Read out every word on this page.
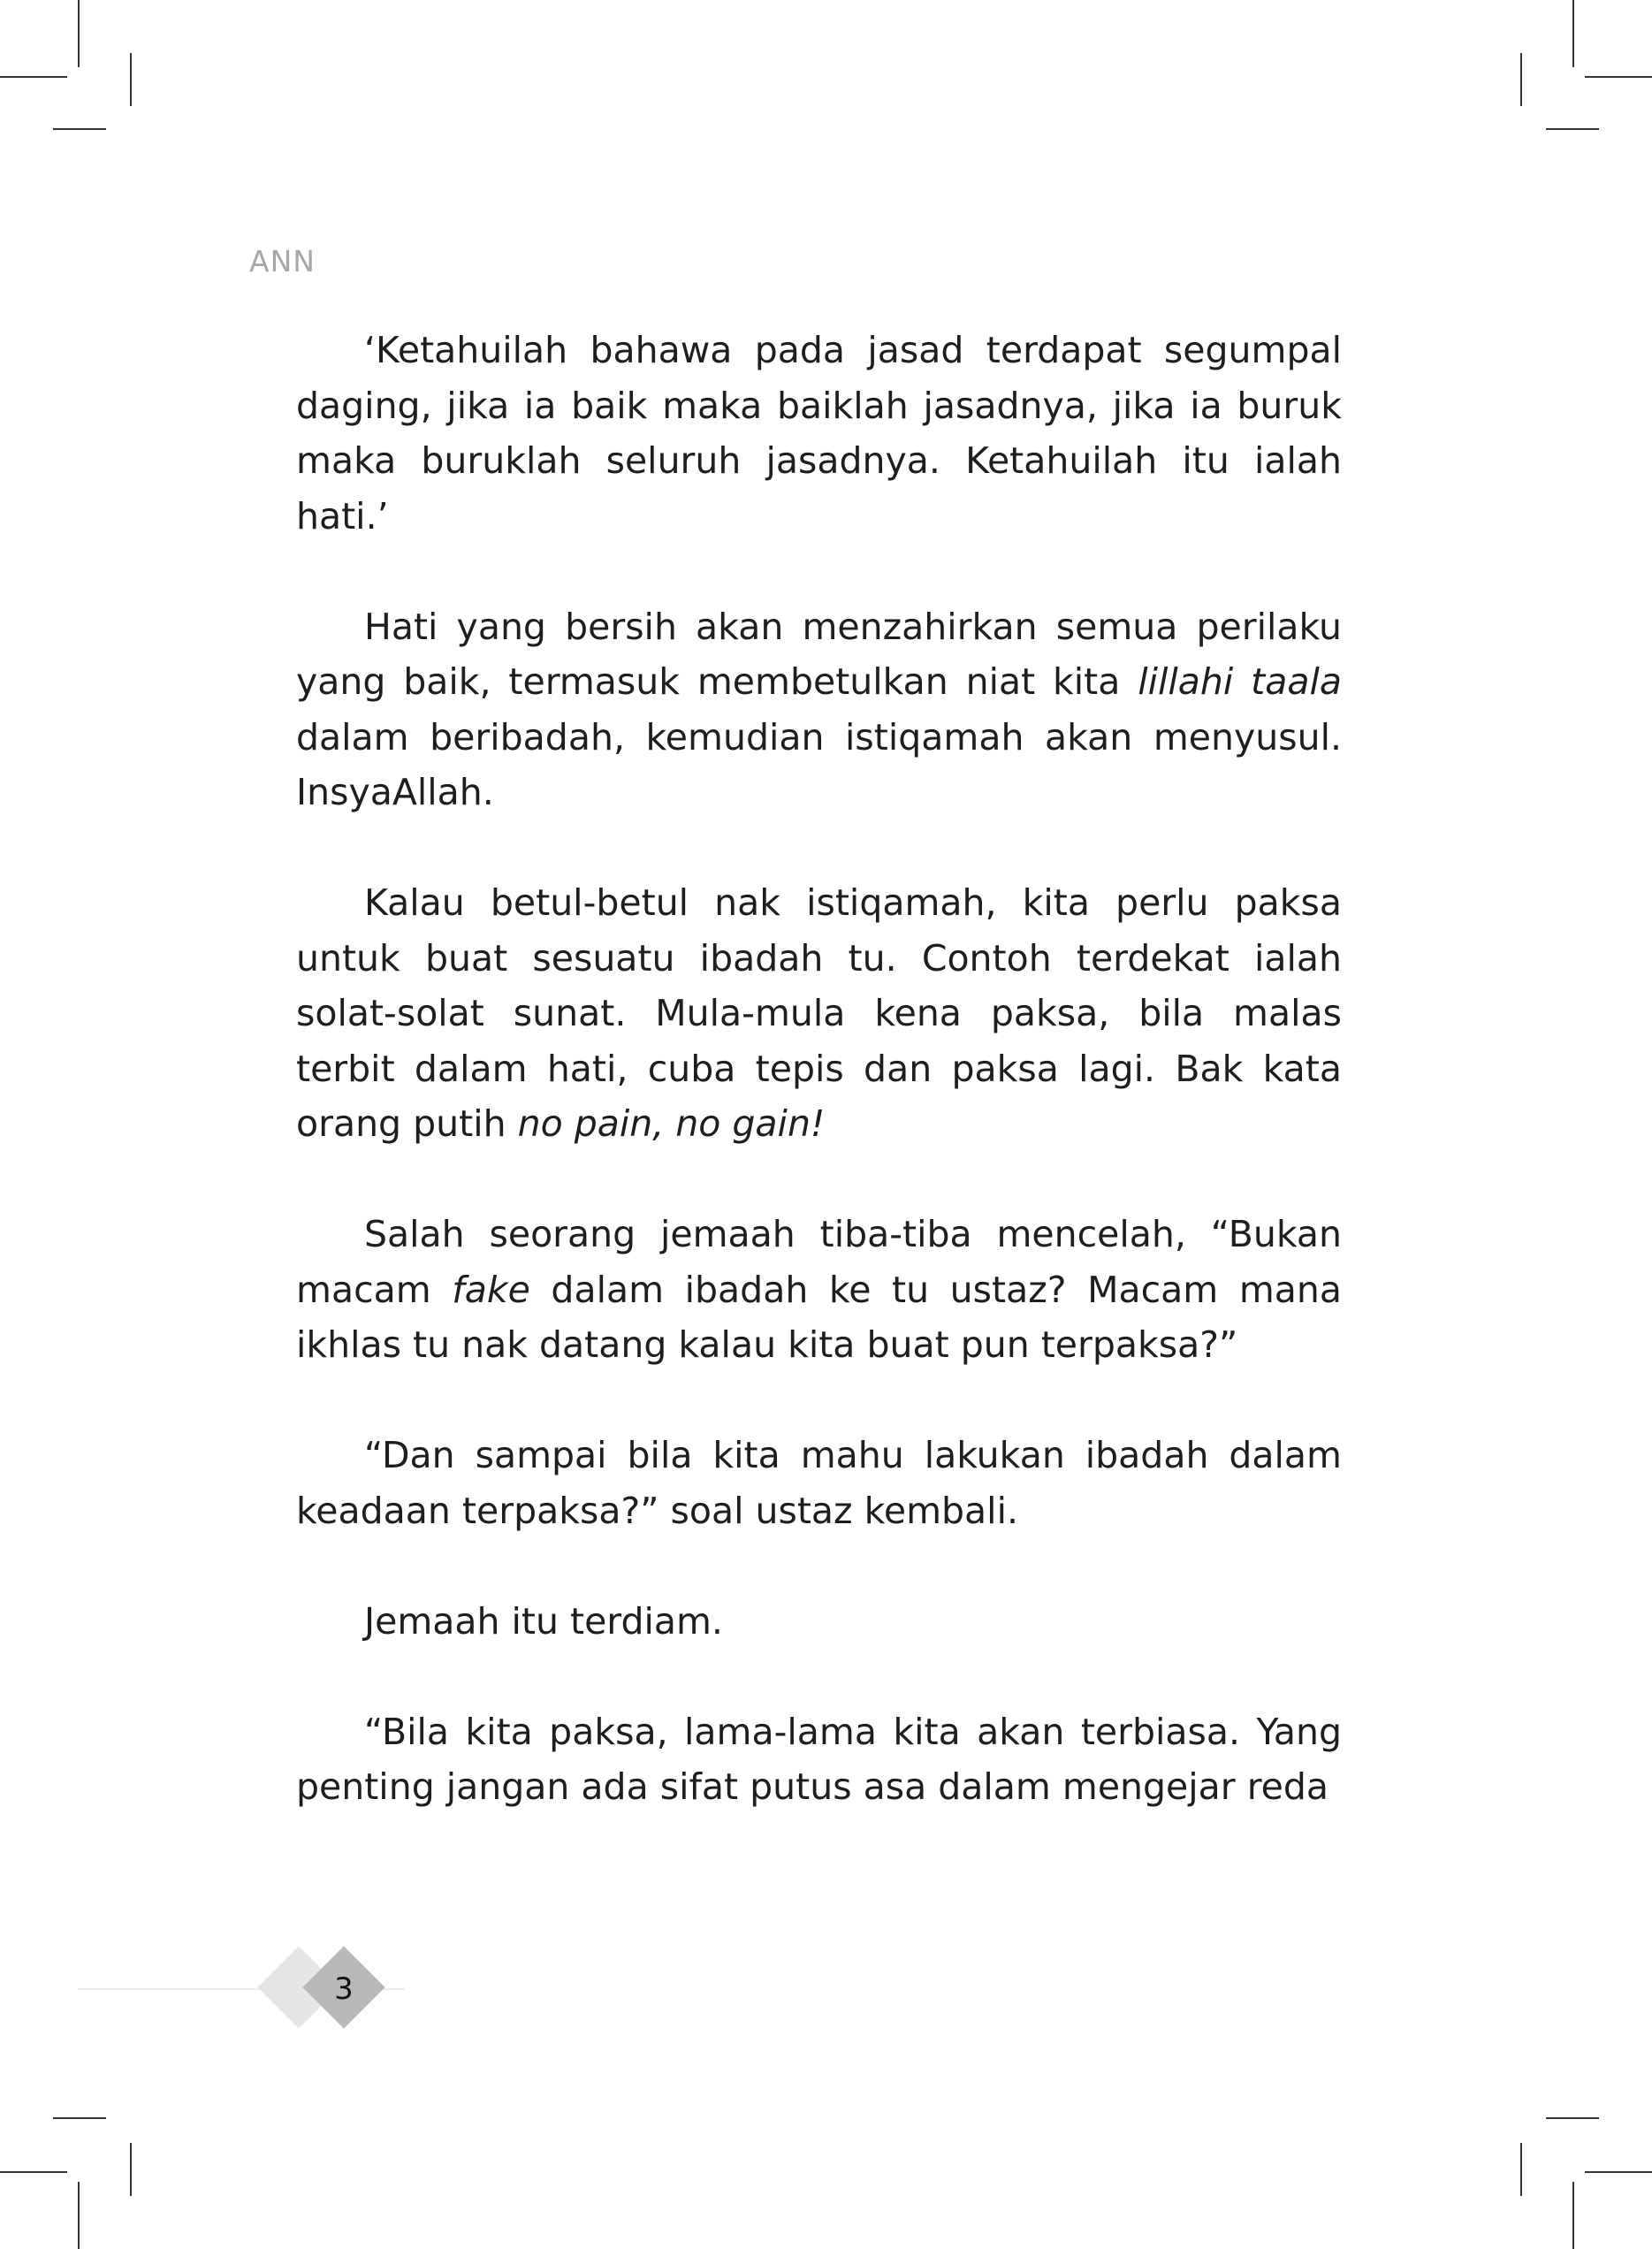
ANN

‘Ketahuilah bahawa pada jasad terdapat segumpal daging, jika ia baik maka baiklah jasadnya, jika ia buruk maka buruklah seluruh jasadnya. Ketahuilah itu ialah hati.’

Hati yang bersih akan menzahirkan semua perilaku yang baik, termasuk membetulkan niat kita lillahi taala dalam beribadah, kemudian istiqamah akan menyusul. InsyaAllah.

Kalau betul-betul nak istiqamah, kita perlu paksa untuk buat sesuatu ibadah tu. Contoh terdekat ialah solat-solat sunat. Mula-mula kena paksa, bila malas terbit dalam hati, cuba tepis dan paksa lagi. Bak kata orang putih no pain, no gain!

Salah seorang jemaah tiba-tiba mencelah, “Bukan macam fake dalam ibadah ke tu ustaz? Macam mana ikhlas tu nak datang kalau kita buat pun terpaksa?”

“Dan sampai bila kita mahu lakukan ibadah dalam keadaan terpaksa?” soal ustaz kembali.

Jemaah itu terdiam.

“Bila kita paksa, lama-lama kita akan terbiasa. Yang penting jangan ada sifat putus asa dalam mengejar reda

3
